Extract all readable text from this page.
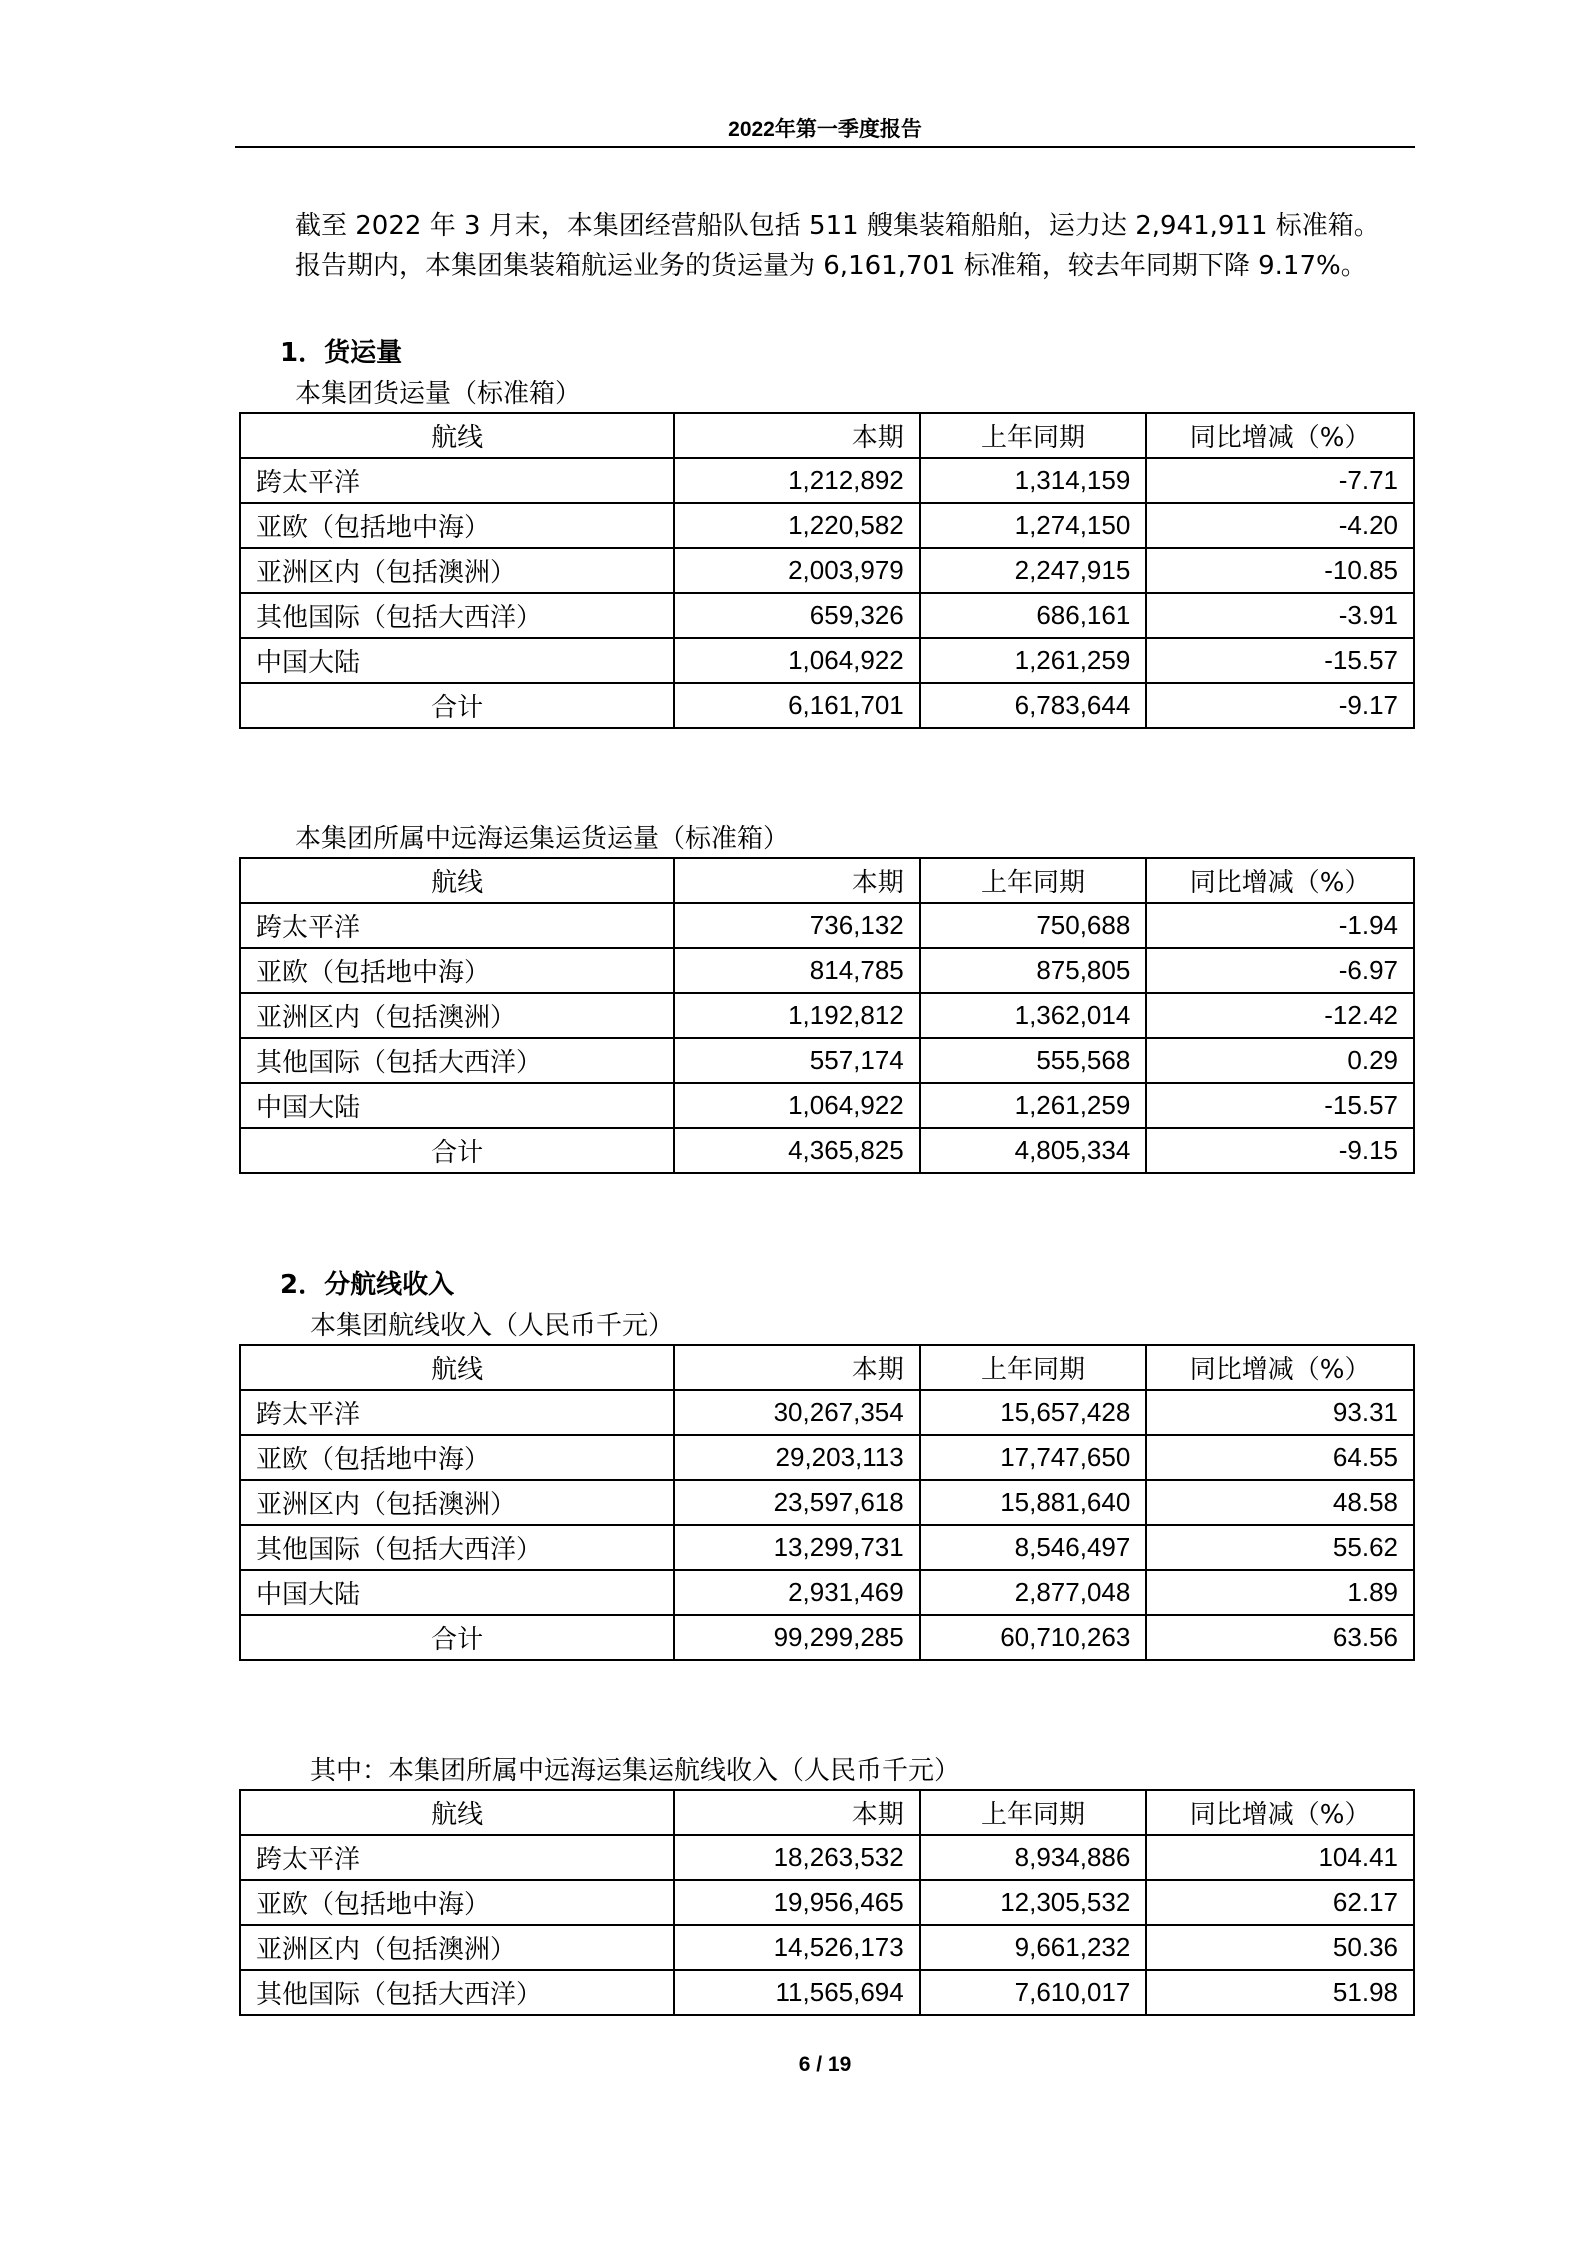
2022年第一季度报告
截至 2022 年 3 月末，本集团经营船队包括 511 艘集装箱船舶，运力达 2,941,911 标准箱。
报告期内，本集团集装箱航运业务的货运量为 6,161,701 标准箱，较去年同期下降 9.17%。
1．货运量
本集团货运量（标准箱）
航线	本期	上年同期	同比增减（%）
跨太平洋	1,212,892	1,314,159	-7.71
亚欧（包括地中海）	1,220,582	1,274,150	-4.20
亚洲区内（包括澳洲）	2,003,979	2,247,915	-10.85
其他国际（包括大西洋）	659,326	686,161	-3.91
中国大陆	1,064,922	1,261,259	-15.57
合计	6,161,701	6,783,644	-9.17
本集团所属中远海运集运货运量（标准箱）
航线	本期	上年同期	同比增减（%）
跨太平洋	736,132	750,688	-1.94
亚欧（包括地中海）	814,785	875,805	-6.97
亚洲区内（包括澳洲）	1,192,812	1,362,014	-12.42
其他国际（包括大西洋）	557,174	555,568	0.29
中国大陆	1,064,922	1,261,259	-15.57
合计	4,365,825	4,805,334	-9.15
2．分航线收入
本集团航线收入（人民币千元）
航线	本期	上年同期	同比增减（%）
跨太平洋	30,267,354	15,657,428	93.31
亚欧（包括地中海）	29,203,113	17,747,650	64.55
亚洲区内（包括澳洲）	23,597,618	15,881,640	48.58
其他国际（包括大西洋）	13,299,731	8,546,497	55.62
中国大陆	2,931,469	2,877,048	1.89
合计	99,299,285	60,710,263	63.56
其中：本集团所属中远海运集运航线收入（人民币千元）
航线	本期	上年同期	同比增减（%）
跨太平洋	18,263,532	8,934,886	104.41
亚欧（包括地中海）	19,956,465	12,305,532	62.17
亚洲区内（包括澳洲）	14,526,173	9,661,232	50.36
其他国际（包括大西洋）	11,565,694	7,610,017	51.98
6 / 19
